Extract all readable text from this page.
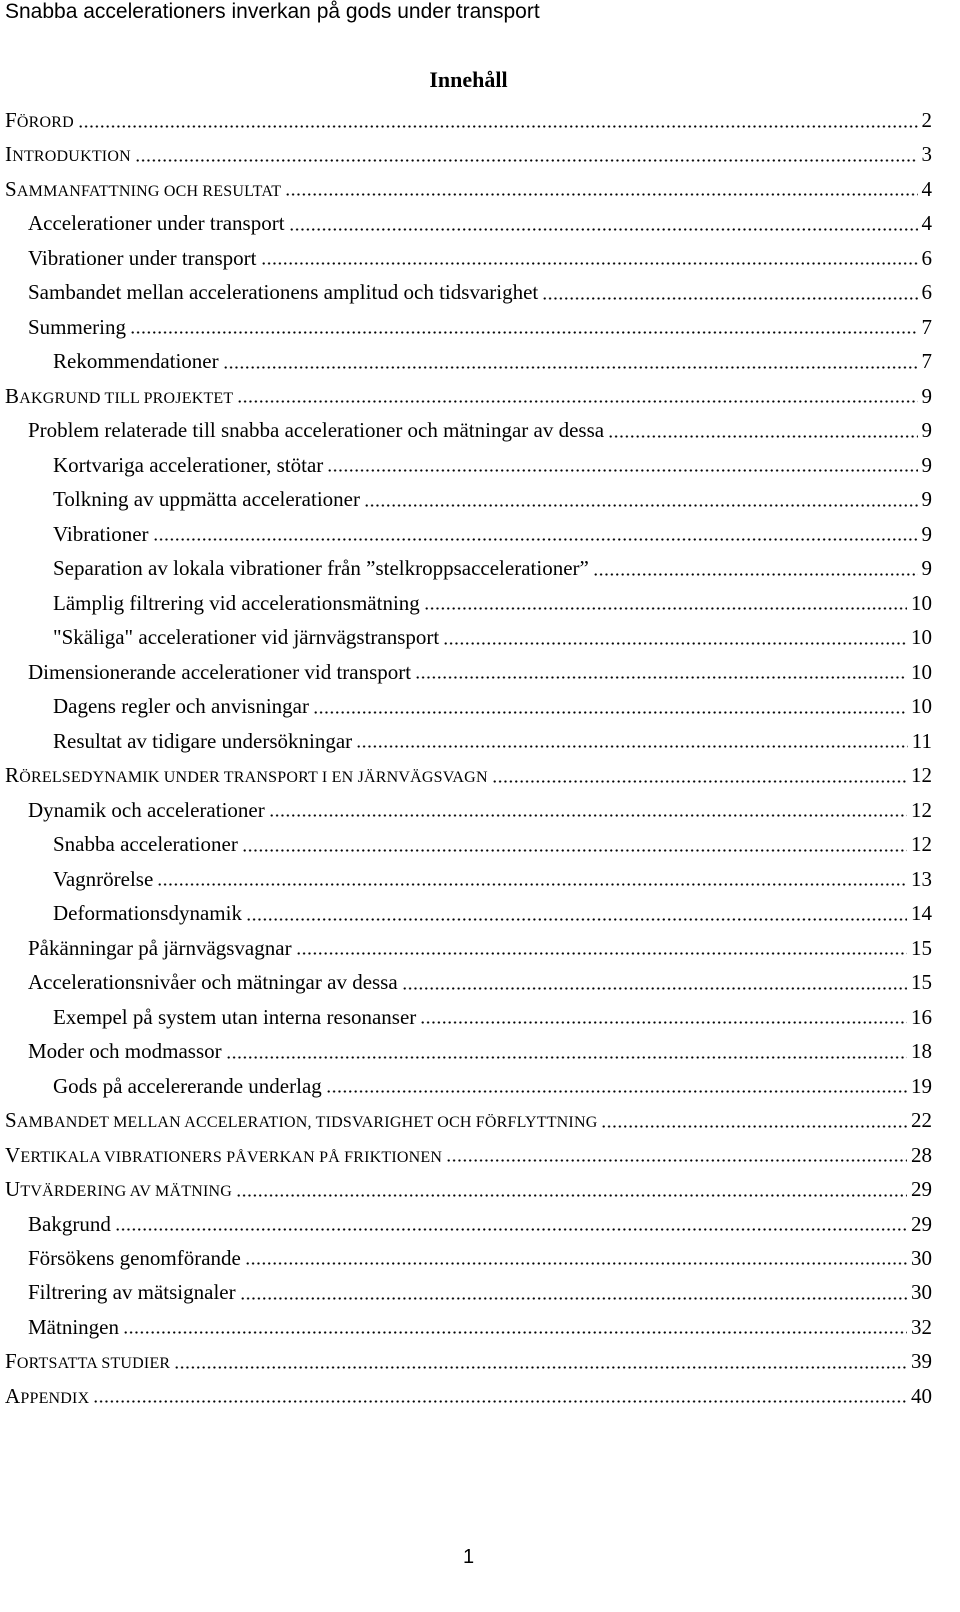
Snabba accelerationers inverkan på gods under transport
Innehåll
FÖRORD	2
INTRODUKTION	3
SAMMANFATTNING OCH RESULTAT	4
Accelerationer under transport	4
Vibrationer under transport	6
Sambandet mellan accelerationens amplitud och tidsvarighet	6
Summering	7
Rekommendationer	7
BAKGRUND TILL PROJEKTET	9
Problem relaterade till snabba accelerationer och mätningar av dessa	9
Kortvariga accelerationer, stötar	9
Tolkning av uppmätta accelerationer	9
Vibrationer	9
Separation av lokala vibrationer från ”stelkroppsaccelerationer”	9
Lämplig filtrering vid accelerationsmätning	10
"Skäliga" accelerationer vid järnvägstransport	10
Dimensionerande accelerationer vid transport	10
Dagens regler och anvisningar	10
Resultat av tidigare undersökningar	11
RÖRELSEDYNAMIK UNDER TRANSPORT I EN JÄRNVÄGSVAGN	12
Dynamik och accelerationer	12
Snabba accelerationer	12
Vagnrörelse	13
Deformationsdynamik	14
Påkänningar på järnvägsvagnar	15
Accelerationsnivåer och mätningar av dessa	15
Exempel på system utan interna resonanser	16
Moder och modmassor	18
Gods på accelererande underlag	19
SAMBANDET MELLAN ACCELERATION, TIDSVARIGHET OCH FÖRFLYTTNING	22
VERTIKALA VIBRATIONERS PÅVERKAN PÅ FRIKTIONEN	28
UTVÄRDERING AV MÄTNING	29
Bakgrund	29
Försökens genomförande	30
Filtrering av mätsignaler	30
Mätningen	32
FORTSATTA STUDIER	39
APPENDIX	40
1
